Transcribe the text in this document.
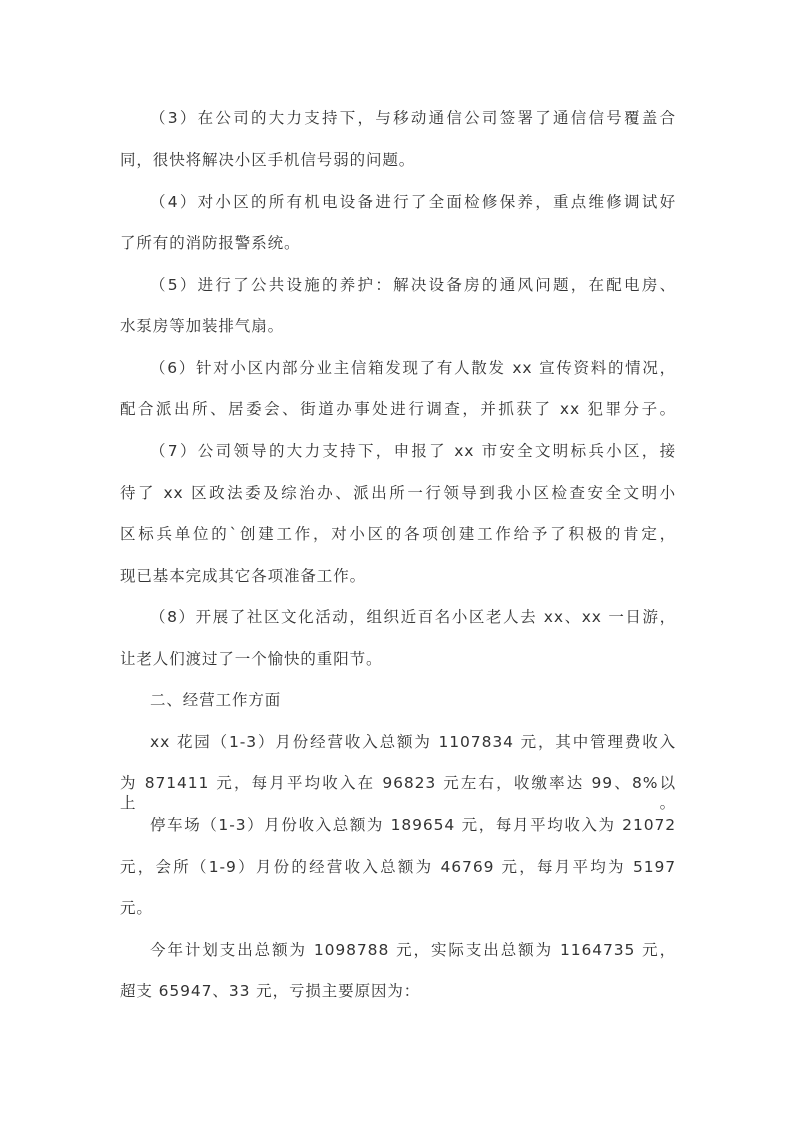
（3）在公司的大力支持下，与移动通信公司签署了通信信号覆盖合
同，很快将解决小区手机信号弱的问题。
（4）对小区的所有机电设备进行了全面检修保养，重点维修调试好
了所有的消防报警系统。
（5）进行了公共设施的养护：解决设备房的通风问题，在配电房、
水泵房等加装排气扇。
（6）针对小区内部分业主信箱发现了有人散发 xx 宣传资料的情况，
配合派出所、居委会、街道办事处进行调查，并抓获了 xx 犯罪分子。
（7）公司领导的大力支持下，申报了 xx 市安全文明标兵小区，接
待了 xx 区政法委及综治办、派出所一行领导到我小区检查安全文明小
区标兵单位的`创建工作，对小区的各项创建工作给予了积极的肯定，
现已基本完成其它各项准备工作。
（8）开展了社区文化活动，组织近百名小区老人去 xx、xx 一日游，
让老人们渡过了一个愉快的重阳节。
二、经营工作方面
xx 花园（1-3）月份经营收入总额为 1107834 元，其中管理费收入
为 871411 元，每月平均收入在 96823 元左右，收缴率达 99、8%以上。
停车场（1-3）月份收入总额为 189654 元，每月平均收入为 21072
元，会所（1-9）月份的经营收入总额为 46769 元，每月平均为 5197
元。
今年计划支出总额为 1098788 元，实际支出总额为 1164735 元，
超支 65947、33 元，亏损主要原因为：
